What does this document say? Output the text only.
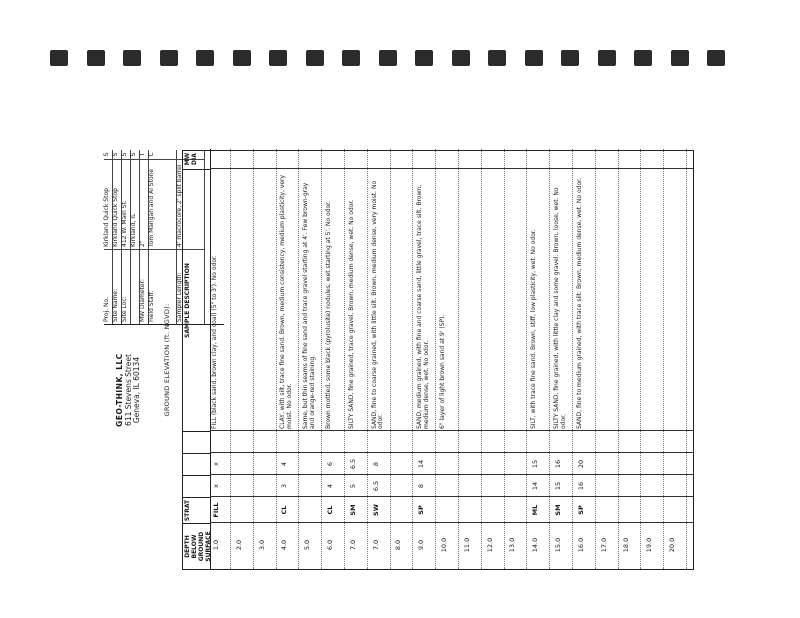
GEO-THINK, LLC 611 Stevens Street Geneva, IL 60134	GROUND ELEVATION (ft. NGVD):
Proj. No.
Kirkland Quick Stop
S
Site Name:
Kirkland Quick Stop
S
Site Loc:
412 W. Main St.
S
Kirkland, IL
S
MW Diameter:
2"
T
Field Staff:
Tom Mangan and Al Stone
C
Sampler Length:
4' macrocore, 2' split barrel
DEPTH BELOW GROUND SURFACE
STRAT
SAMPLE DESCRIPTION
MW DIA
1.0
FILL
x
x
FILL (black sand, brown clay, and coal) (5" to 3'). No odor.
2.0 3.0 4.0
CL
3
4
CLAY, with silt, trace fine sand. Brown, medium consistency, medium plasticity, very moist. No odor.
5.0
Same, but thin seams of fine sand and trace gravel starting at 4'. Few brown-gray and orange-red staining.
6.0
CL
4
6
Brown mottled, some black (pyrolusite) nodules, wet starting at 5'. No odor.
7.0
SM
5
6.5
SILTY SAND, fine grained, trace gravel. Brown, medium dense, wet. No odor.
7.0
SW
6.5
8
SAND, fine to coarse grained, with little silt. Brown, medium dense, very moist. No odor.
8.0 9.0
SP
8
14
SAND, medium grained, with fine and coarse sand, little gravel, trace silt. Brown, medium dense, wet. No odor.
10.0
6" layer of light brown sand at 9' (SP).
11.0 12.0 13.0 14.0
ML
14
15
SILT, with trace fine sand. Brown, stiff, low plasticity, wet. No odor.
15.0
SM
15
16
SILTY SAND, fine grained, with little clay and some gravel. Brown, loose, wet. No odor.
16.0
SP
16
20
SAND, fine to medium grained, with trace silt. Brown, medium dense, wet. No odor.
17.0 18.0 19.0 20.0
